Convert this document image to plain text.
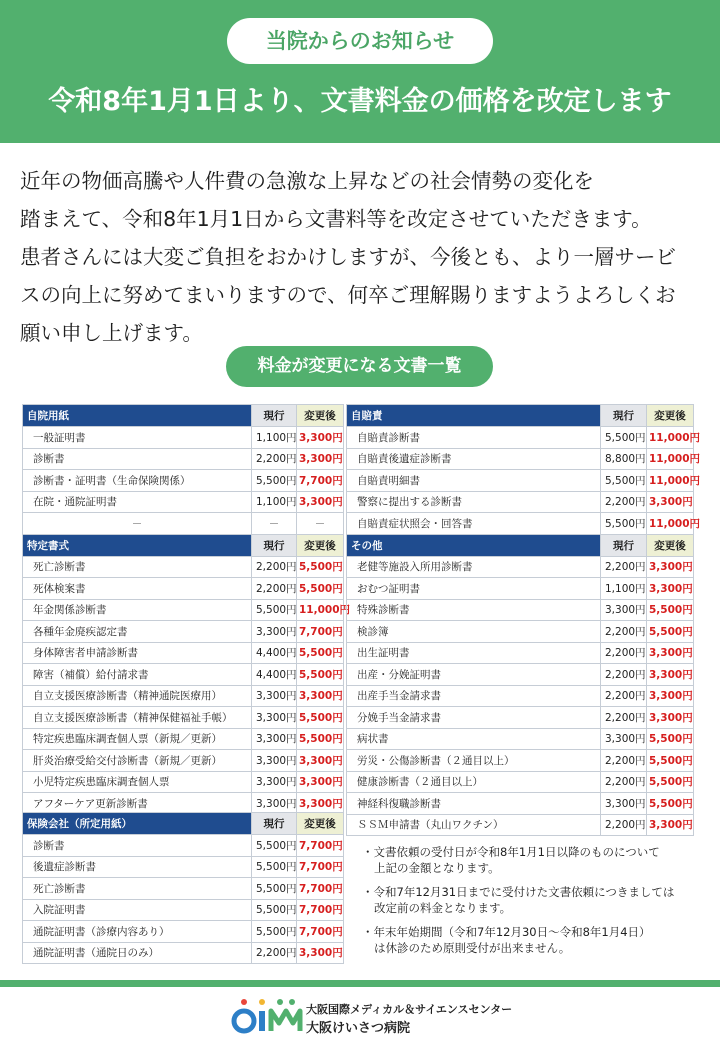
当院からのお知らせ
令和8年1月1日より、文書料金の価格を改定します

近年の物価高騰や人件費の急激な上昇などの社会情勢の変化を

踏まえて、令和8年1月1日から文書料等を改定させていただきます。

患者さんには大変ご負担をおかけしますが、今後とも、より一層サービ

スの向上に努めてまいりますので、何卒ご理解賜りますようよろしくお

願い申し上げます。

料金が変更になる文書一覧
自院用紙	現行	変更後
一般証明書	1,100円	3,300円
診断書	2,200円	3,300円
診断書・証明書（生命保険関係）	5,500円	7,700円
在院・通院証明書	1,100円	3,300円
－	－	－
特定書式	現行	変更後
死亡診断書	2,200円	5,500円
死体検案書	2,200円	5,500円
年金関係診断書	5,500円	11,000円
各種年金廃疾認定書	3,300円	7,700円
身体障害者申請診断書	4,400円	5,500円
障害（補償）給付請求書	4,400円	5,500円
自立支援医療診断書（精神通院医療用）	3,300円	3,300円
自立支援医療診断書（精神保健福祉手帳）	3,300円	5,500円
特定疾患臨床調査個人票（新規／更新）	3,300円	5,500円
肝炎治療受給交付診断書（新規／更新）	3,300円	3,300円
小児特定疾患臨床調査個人票	3,300円	3,300円
アフターケア更新診断書	3,300円	3,300円
自賠責	現行	変更後
自賠責診断書	5,500円	11,000円
自賠責後遺症診断書	8,800円	11,000円
自賠責明細書	5,500円	11,000円
警察に提出する診断書	2,200円	3,300円
自賠責症状照会・回答書	5,500円	11,000円
その他	現行	変更後
老健等施設入所用診断書	2,200円	3,300円
おむつ証明書	1,100円	3,300円
特殊診断書	3,300円	5,500円
検診簿	2,200円	5,500円
出生証明書	2,200円	3,300円
出産・分娩証明書	2,200円	3,300円
出産手当金請求書	2,200円	3,300円
分娩手当金請求書	2,200円	3,300円
病状書	3,300円	5,500円
労災・公傷診断書（２通目以上）	2,200円	5,500円
健康診断書（２通目以上）	2,200円	5,500円
神経科復職診断書	3,300円	5,500円
ＳＳＭ申請書（丸山ワクチン）	2,200円	3,300円
保険会社（所定用紙）	現行	変更後
診断書	5,500円	7,700円
後遺症診断書	5,500円	7,700円
死亡診断書	5,500円	7,700円
入院証明書	5,500円	7,700円
通院証明書（診療内容あり）	5,500円	7,700円
通院証明書（通院日のみ）	2,200円	3,300円
・文書依頼の受付日が令和8年1月1日以降のものについて
上記の金額となります。
・令和7年12月31日までに受付けた文書依頼につきましては
改定前の料金となります。
・年末年始期間（令和7年12月30日～令和8年1月4日）
は休診のため原則受付が出来ません。
大阪国際メディカル＆サイエンスセンター
大阪けいさつ病院
